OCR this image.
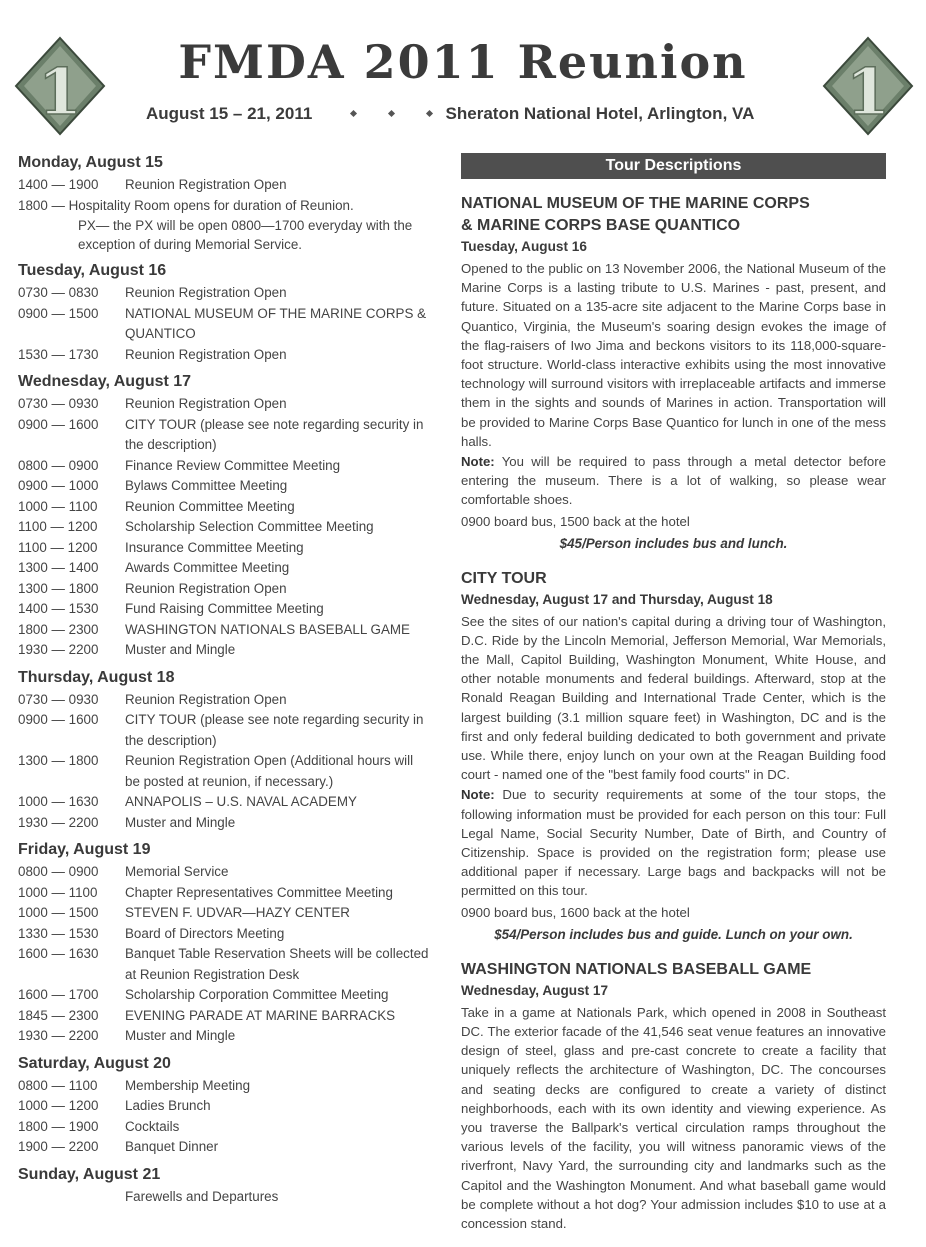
1	1
FMDA 2011 Reunion
August 15 – 21, 2011	Sheraton National Hotel, Arlington, VA
Monday, August 15
1400 — 1900	Reunion Registration Open
1800 — Hospitality Room opens for duration of Reunion.
PX— the PX will be open 0800—1700 everyday with the exception of during Memorial Service.
Tuesday, August 16
0730 — 0830	Reunion Registration Open
0900 — 1500	NATIONAL MUSEUM OF THE MARINE CORPS &
QUANTICO
1530 — 1730	Reunion Registration Open
Wednesday, August 17
0730 — 0930	Reunion Registration Open
0900 — 1600	CITY TOUR (please see note regarding security in
the description)
0800 — 0900	Finance Review Committee Meeting
0900 — 1000	Bylaws Committee Meeting
1000 — 1100	Reunion Committee Meeting
1100 — 1200	Scholarship Selection Committee Meeting
1100 — 1200	Insurance Committee Meeting
1300 — 1400	Awards Committee Meeting
1300 — 1800	Reunion Registration Open
1400 — 1530	Fund Raising Committee Meeting
1800 — 2300	WASHINGTON NATIONALS BASEBALL GAME
1930 — 2200	Muster and Mingle
Thursday, August 18
0730 — 0930	Reunion Registration Open
0900 — 1600	CITY TOUR (please see note regarding security in
the description)
1300 — 1800	Reunion Registration Open (Additional hours will
be posted at reunion, if necessary.)
1000 — 1630	ANNAPOLIS – U.S. NAVAL ACADEMY
1930 — 2200	Muster and Mingle
Friday, August 19
0800 — 0900	Memorial Service
1000 — 1100	Chapter Representatives Committee Meeting
1000 — 1500	STEVEN F. UDVAR—HAZY CENTER
1330 — 1530	Board of Directors Meeting
1600 — 1630	Banquet Table Reservation Sheets will be collected
at Reunion Registration Desk
1600 — 1700	Scholarship Corporation Committee Meeting
1845 — 2300	EVENING PARADE AT MARINE BARRACKS
1930 — 2200	Muster and Mingle
Saturday, August 20
0800 — 1100	Membership Meeting
1000 — 1200	Ladies Brunch
1800 — 1900	Cocktails
1900 — 2200	Banquet Dinner
Sunday, August 21
Farewells and Departures
Tour Descriptions
NATIONAL MUSEUM OF THE MARINE CORPS
& MARINE CORPS BASE QUANTICO
Tuesday, August 16
Opened to the public on 13 November 2006, the National Museum of the Marine Corps is a lasting tribute to U.S. Marines - past, present, and future. Situated on a 135-acre site adjacent to the Marine Corps base in Quantico, Virginia, the Museum's soaring design evokes the image of the flag-raisers of Iwo Jima and beckons visitors to its 118,000-square-foot structure. World-class interactive exhibits using the most innovative technology will surround visitors with irreplaceable artifacts and immerse them in the sights and sounds of Marines in action. Transportation will be provided to Marine Corps Base Quantico for lunch in one of the mess halls.
Note: You will be required to pass through a metal detector before entering the museum. There is a lot of walking, so please wear comfortable shoes.
0900 board bus, 1500 back at the hotel
$45/Person includes bus and lunch.
CITY TOUR
Wednesday, August 17 and Thursday, August 18
See the sites of our nation's capital during a driving tour of Washington, D.C. Ride by the Lincoln Memorial, Jefferson Memorial, War Memorials, the Mall, Capitol Building, Washington Monument, White House, and other notable monuments and federal buildings. Afterward, stop at the Ronald Reagan Building and International Trade Center, which is the largest building (3.1 million square feet) in Washington, DC and is the first and only federal building dedicated to both government and private use. While there, enjoy lunch on your own at the Reagan Building food court - named one of the "best family food courts" in DC.
Note: Due to security requirements at some of the tour stops, the following information must be provided for each person on this tour: Full Legal Name, Social Security Number, Date of Birth, and Country of Citizenship. Space is provided on the registration form; please use additional paper if necessary. Large bags and backpacks will not be permitted on this tour.
0900 board bus, 1600 back at the hotel
$54/Person includes bus and guide. Lunch on your own.
WASHINGTON NATIONALS BASEBALL GAME
Wednesday, August 17
Take in a game at Nationals Park, which opened in 2008 in Southeast DC. The exterior facade of the 41,546 seat venue features an innovative design of steel, glass and pre-cast concrete to create a facility that uniquely reflects the architecture of Washington, DC. The concourses and seating decks are configured to create a variety of distinct neighborhoods, each with its own identity and viewing experience. As you traverse the Ballpark's vertical circulation ramps throughout the various levels of the facility, you will witness panoramic views of the riverfront, Navy Yard, the surrounding city and landmarks such as the Capitol and the Washington Monument. And what baseball game would be complete without a hot dog? Your admission includes $10 to use at a concession stand.
